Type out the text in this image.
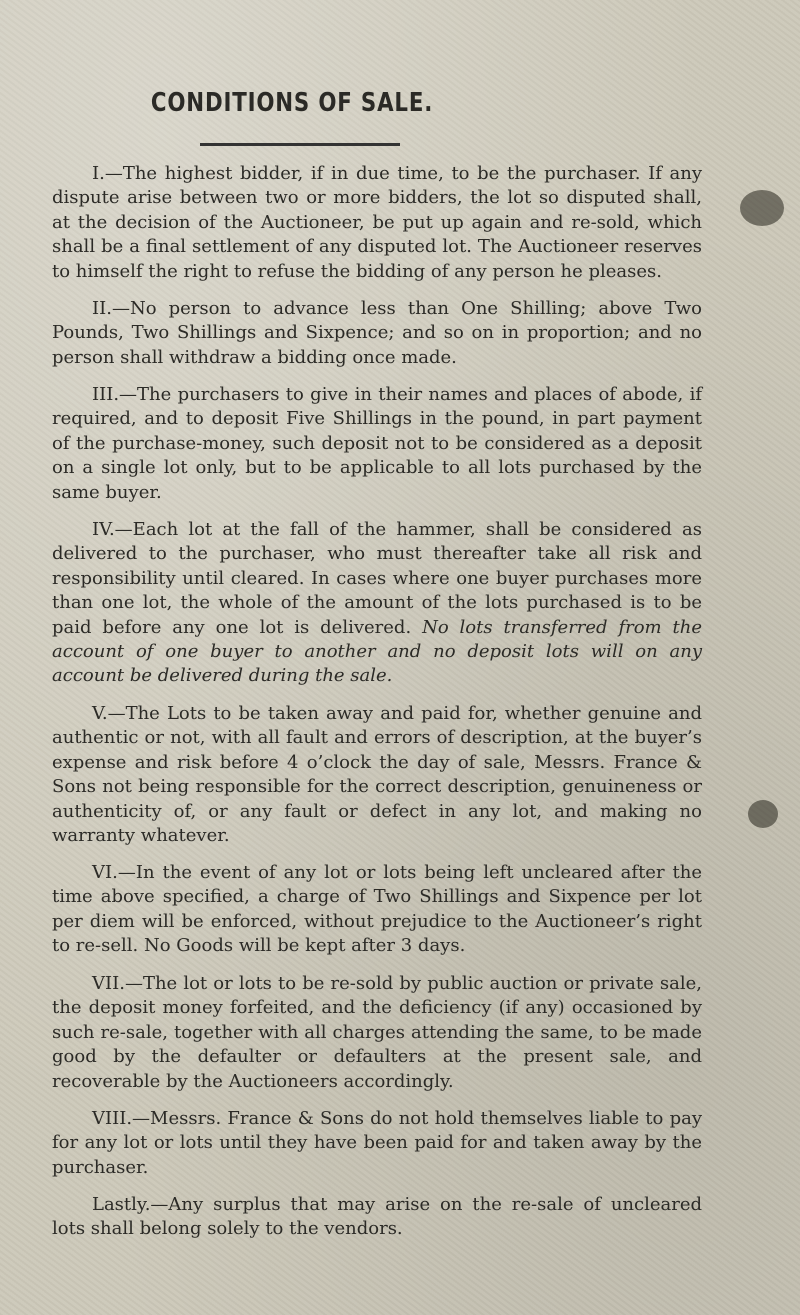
CONDITIONS OF SALE.

I.—The highest bidder, if in due time, to be the purchaser. If any dispute arise between two or more bidders, the lot so disputed shall, at the decision of the Auctioneer, be put up again and re-sold, which shall be a final settlement of any disputed lot. The Auctioneer reserves to himself the right to refuse the bidding of any person he pleases.

II.—No person to advance less than One Shilling; above Two Pounds, Two Shillings and Sixpence; and so on in proportion; and no person shall withdraw a bidding once made.

III.—The purchasers to give in their names and places of abode, if required, and to deposit Five Shillings in the pound, in part payment of the purchase-money, such deposit not to be considered as a deposit on a single lot only, but to be applicable to all lots purchased by the same buyer.

IV.—Each lot at the fall of the hammer, shall be considered as delivered to the purchaser, who must thereafter take all risk and responsibility until cleared. In cases where one buyer purchases more than one lot, the whole of the amount of the lots purchased is to be paid before any one lot is delivered. No lots transferred from the account of one buyer to another and no deposit lots will on any account be delivered during the sale.

V.—The Lots to be taken away and paid for, whether genuine and authentic or not, with all fault and errors of description, at the buyer’s expense and risk before 4 o’clock the day of sale, Messrs. France & Sons not being responsible for the correct description, genuineness or authenticity of, or any fault or defect in any lot, and making no warranty whatever.

VI.—In the event of any lot or lots being left uncleared after the time above specified, a charge of Two Shillings and Sixpence per lot per diem will be enforced, without prejudice to the Auctioneer’s right to re-sell. No Goods will be kept after 3 days.

VII.—The lot or lots to be re-sold by public auction or private sale, the deposit money forfeited, and the deficiency (if any) occasioned by such re-sale, together with all charges attending the same, to be made good by the defaulter or defaulters at the present sale, and recoverable by the Auctioneers accordingly.

VIII.—Messrs. France & Sons do not hold themselves liable to pay for any lot or lots until they have been paid for and taken away by the purchaser.

Lastly.—Any surplus that may arise on the re-sale of uncleared lots shall belong solely to the vendors.
